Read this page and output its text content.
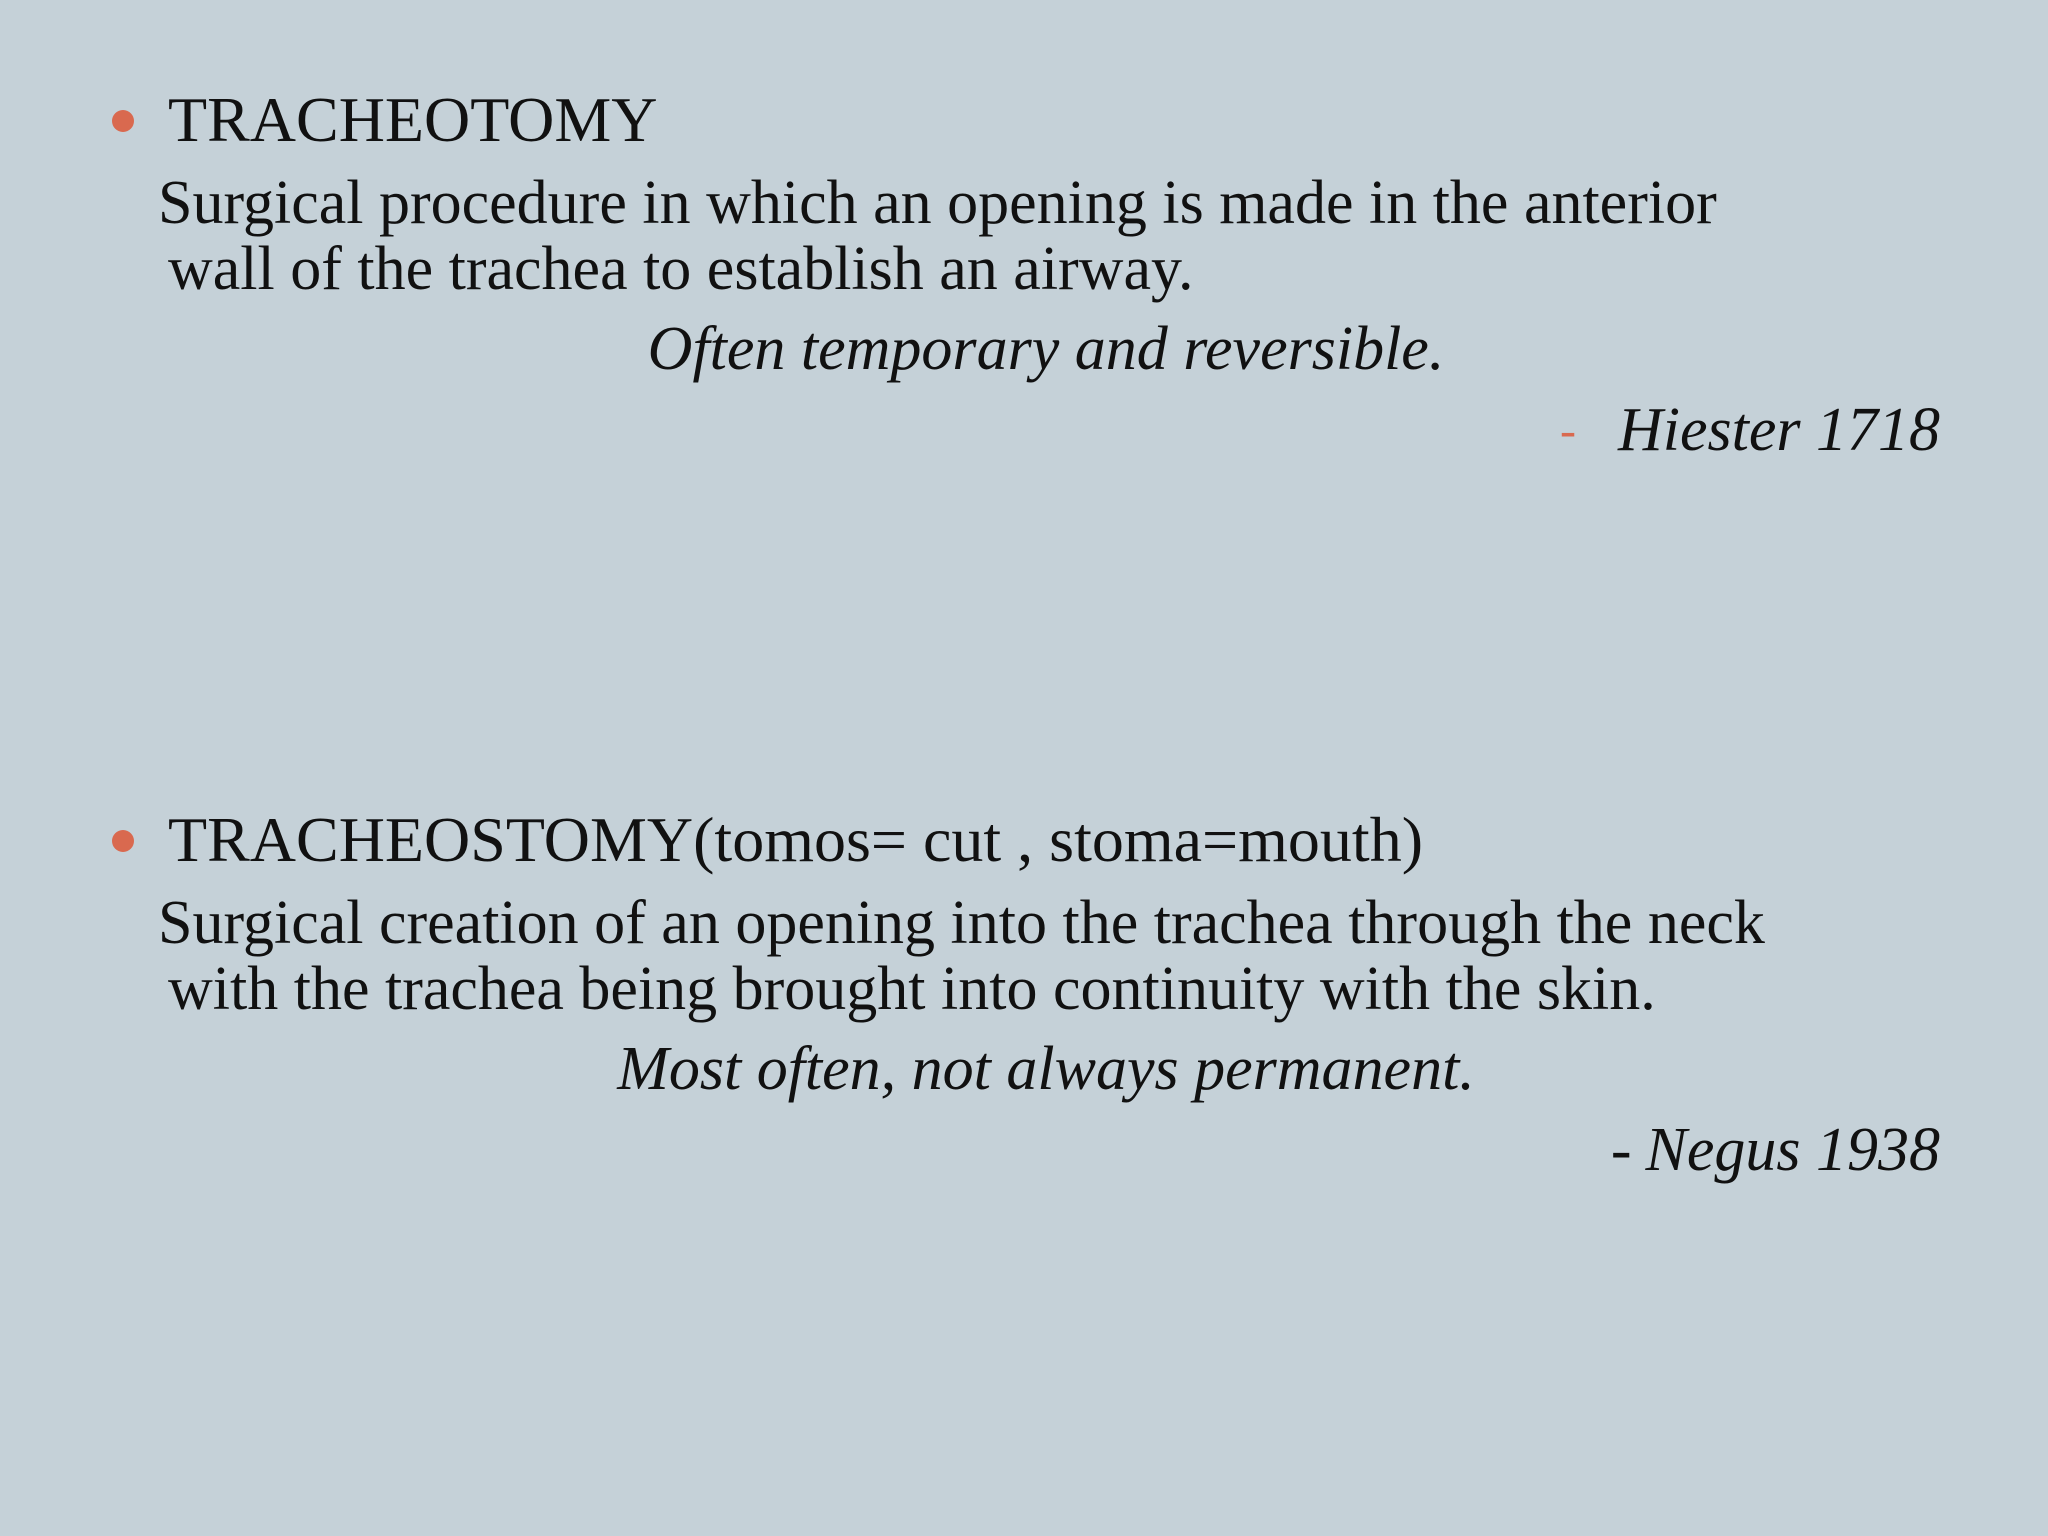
TRACHEOTOMY
Surgical procedure in which an opening is made in the anterior
wall of the trachea to establish an airway.
Often temporary and reversible.
- Hiester 1718
TRACHEOSTOMY(tomos= cut , stoma=mouth)
Surgical creation of an opening into the trachea through the neck
with the trachea being brought into continuity with the skin.
Most often, not always permanent.
- Negus 1938
